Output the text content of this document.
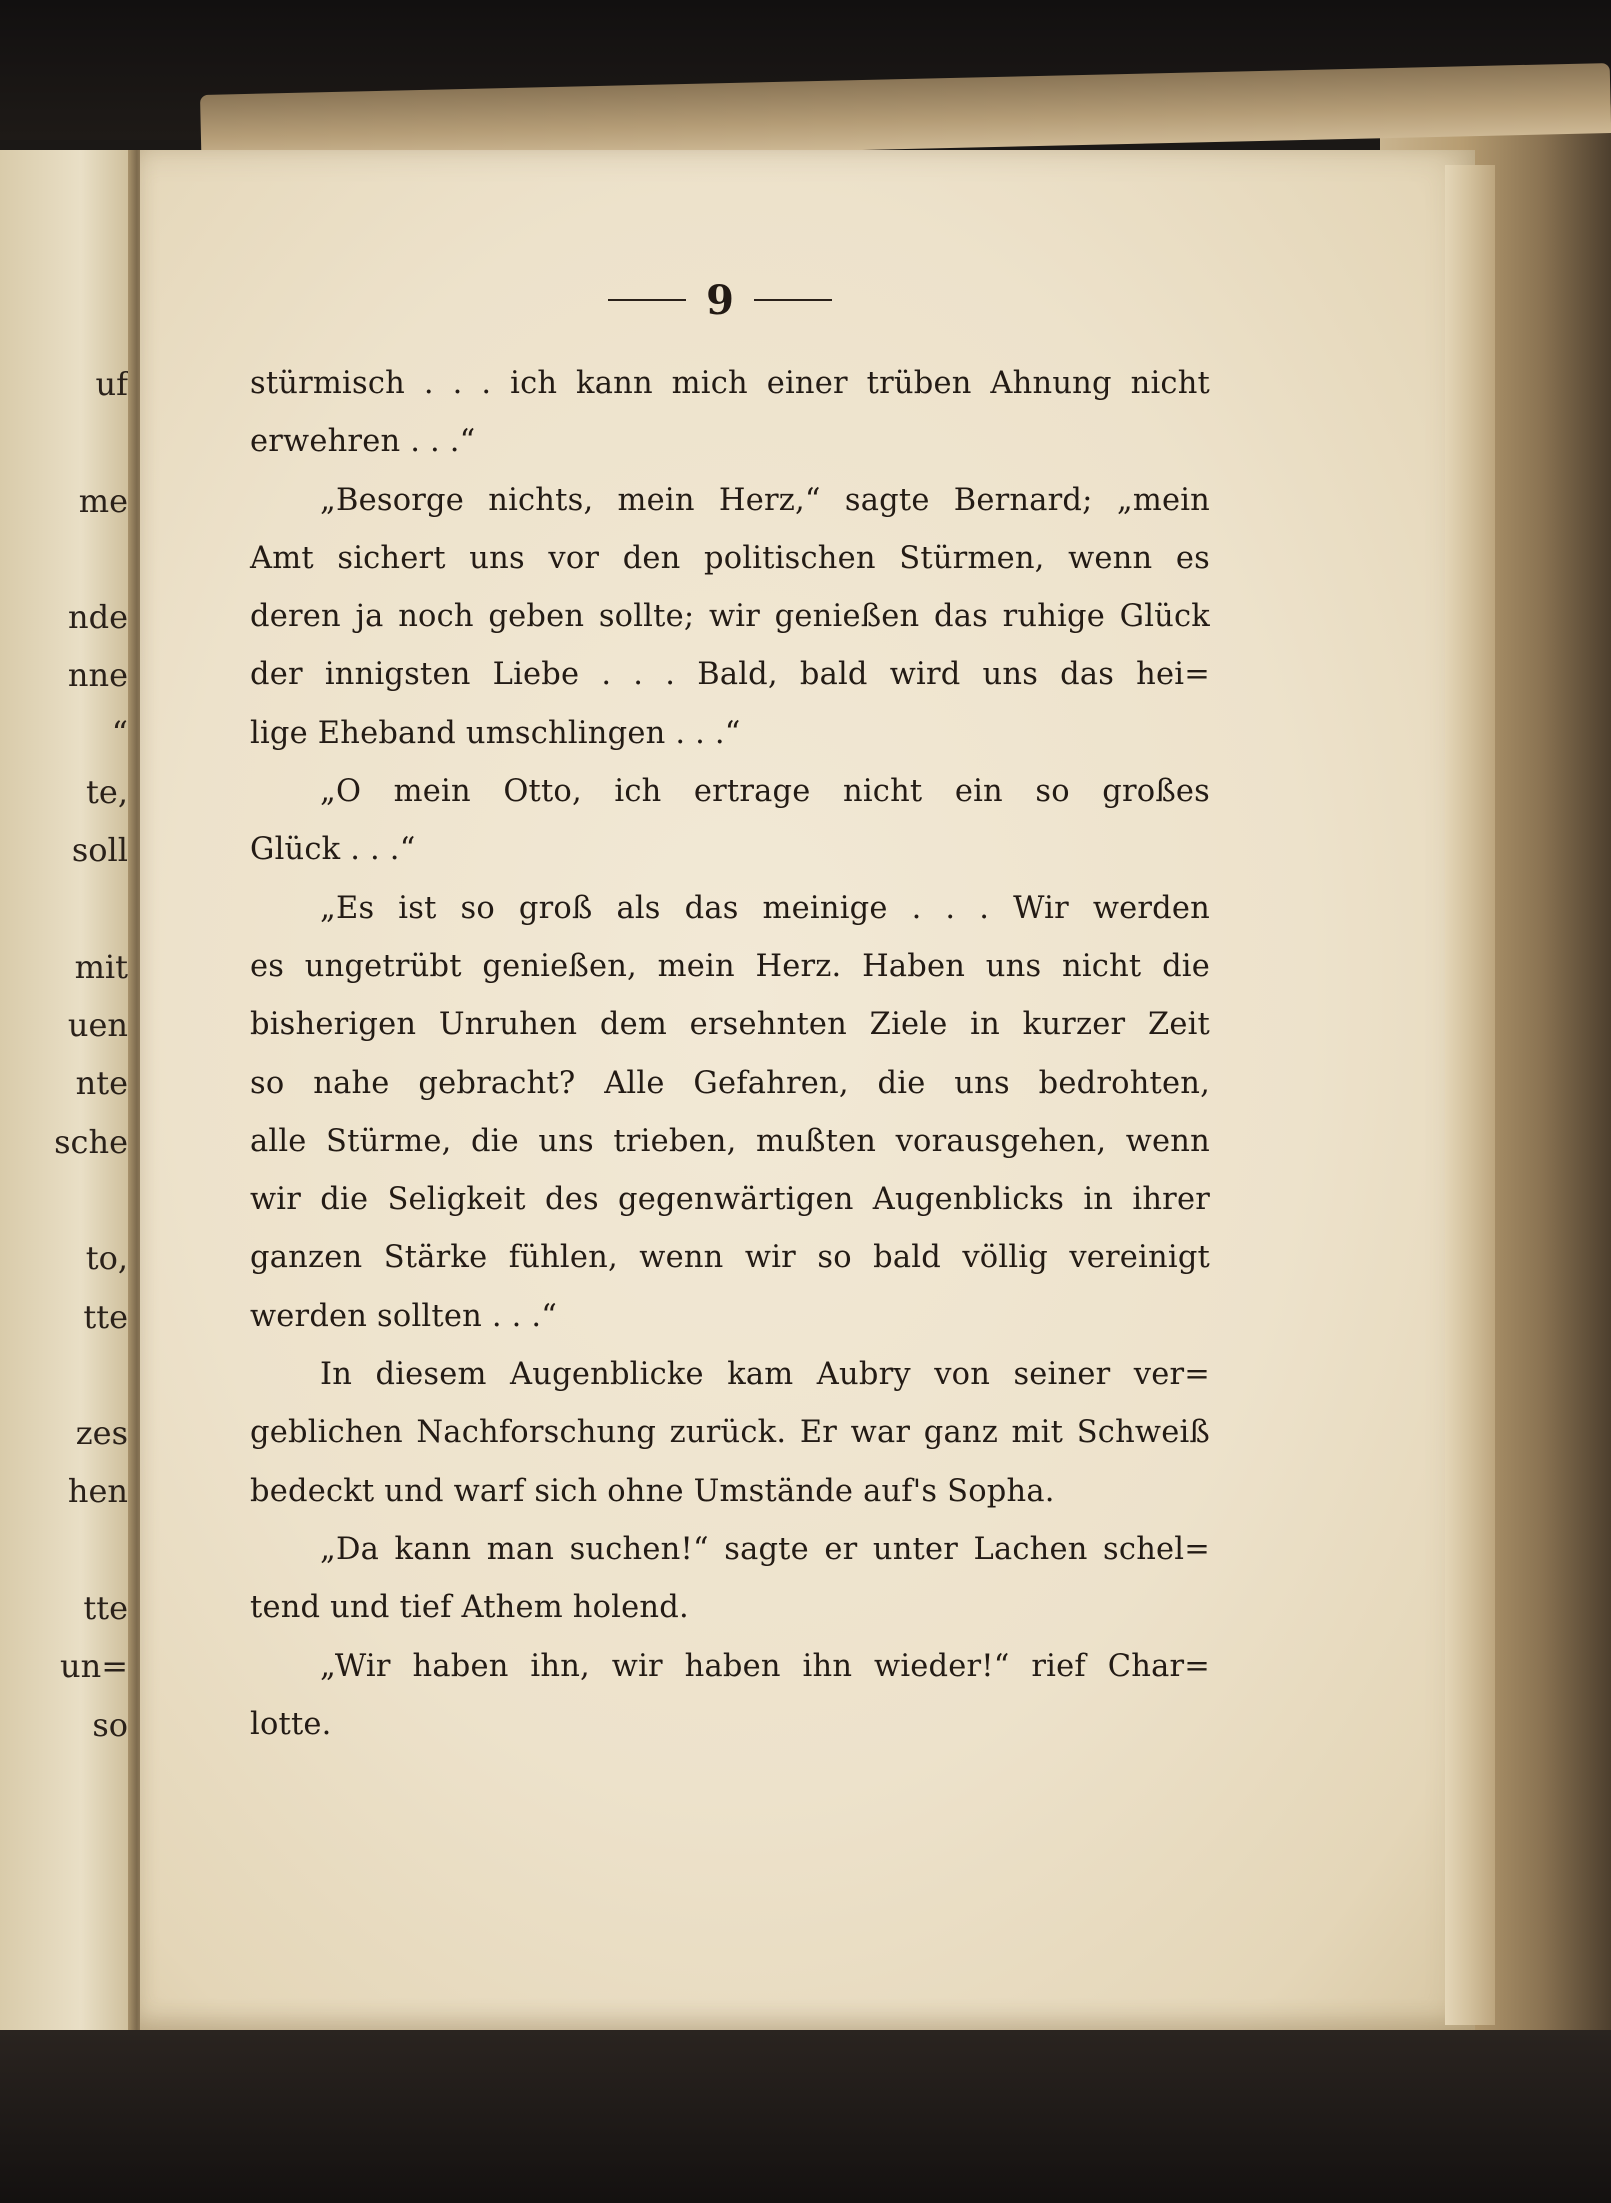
uf
me
nde
nne
“
te,
soll
mit
uen
nte
sche
to,
tte
zes
hen
tte
un=
so
9
stürmisch . . . ich kann mich einer trüben Ahnung nicht
erwehren . . .“
„Besorge nichts, mein Herz,“ sagte Bernard; „mein
Amt sichert uns vor den politischen Stürmen, wenn es
deren ja noch geben sollte; wir genießen das ruhige Glück
der innigsten Liebe . . . Bald, bald wird uns das hei=
lige Eheband umschlingen . . .“
„O mein Otto, ich ertrage nicht ein so großes
Glück . . .“
„Es ist so groß als das meinige . . . Wir werden
es ungetrübt genießen, mein Herz. Haben uns nicht die
bisherigen Unruhen dem ersehnten Ziele in kurzer Zeit
so nahe gebracht? Alle Gefahren, die uns bedrohten,
alle Stürme, die uns trieben, mußten vorausgehen, wenn
wir die Seligkeit des gegenwärtigen Augenblicks in ihrer
ganzen Stärke fühlen, wenn wir so bald völlig vereinigt
werden sollten . . .“
In diesem Augenblicke kam Aubry von seiner ver=
geblichen Nachforschung zurück. Er war ganz mit Schweiß
bedeckt und warf sich ohne Umstände auf's Sopha.
„Da kann man suchen!“ sagte er unter Lachen schel=
tend und tief Athem holend.
„Wir haben ihn, wir haben ihn wieder!“ rief Char=
lotte.
